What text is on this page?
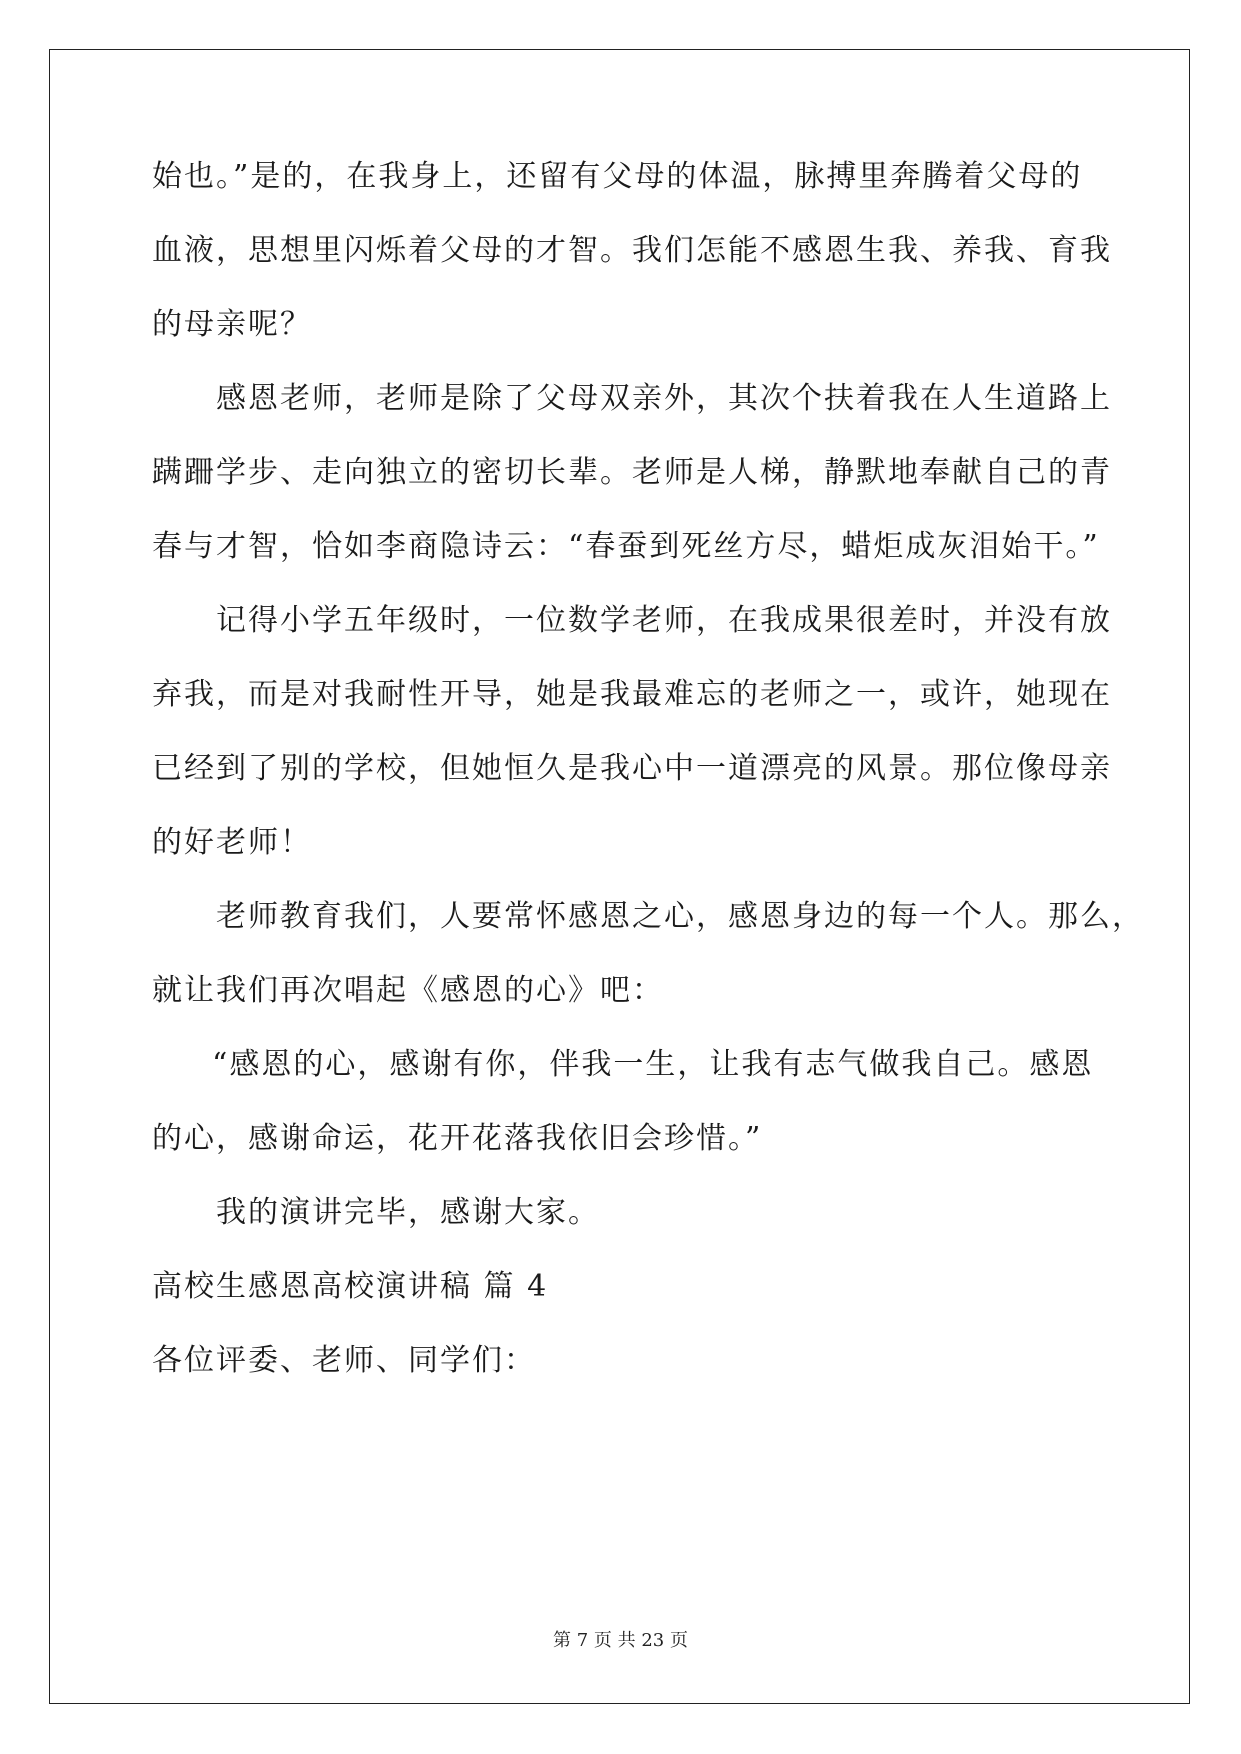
始也。”是的，在我身上，还留有父母的体温，脉搏里奔腾着父母的
血液，思想里闪烁着父母的才智。我们怎能不感恩生我、养我、育我
的母亲呢？
感恩老师，老师是除了父母双亲外，其次个扶着我在人生道路上
蹒跚学步、走向独立的密切长辈。老师是人梯，静默地奉献自己的青
春与才智，恰如李商隐诗云：“春蚕到死丝方尽，蜡炬成灰泪始干。”
记得小学五年级时，一位数学老师，在我成果很差时，并没有放
弃我，而是对我耐性开导，她是我最难忘的老师之一，或许，她现在
已经到了别的学校，但她恒久是我心中一道漂亮的风景。那位像母亲
的好老师！
老师教育我们，人要常怀感恩之心，感恩身边的每一个人。那么，
就让我们再次唱起《感恩的心》吧：
“感恩的心，感谢有你，伴我一生，让我有志气做我自己。感恩
的心，感谢命运，花开花落我依旧会珍惜。”
我的演讲完毕，感谢大家。
高校生感恩高校演讲稿 篇 4
各位评委、老师、同学们：
第 7 页 共 23 页
